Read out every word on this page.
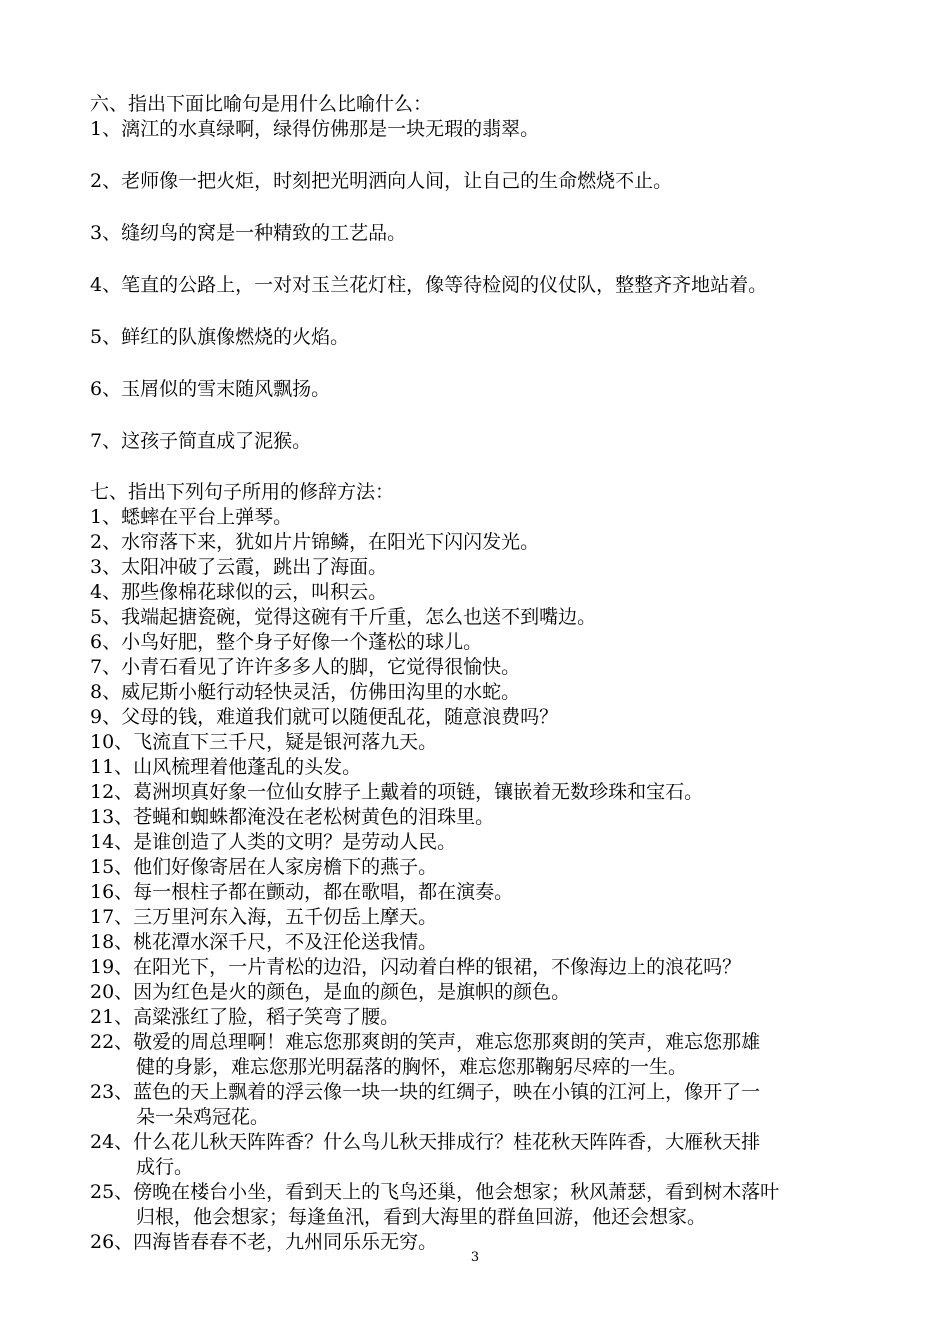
六、指出下面比喻句是用什么比喻什么：
1、漓江的水真绿啊，绿得仿佛那是一块无瑕的翡翠。
2、老师像一把火炬，时刻把光明洒向人间，让自己的生命燃烧不止。
3、缝纫鸟的窝是一种精致的工艺品。
4、笔直的公路上，一对对玉兰花灯柱，像等待检阅的仪仗队，整整齐齐地站着。
5、鲜红的队旗像燃烧的火焰。
6、玉屑似的雪末随风飘扬。
7、这孩子简直成了泥猴。
七、指出下列句子所用的修辞方法：
1、蟋蟀在平台上弹琴。
2、水帘落下来，犹如片片锦鳞，在阳光下闪闪发光。
3、太阳冲破了云霞，跳出了海面。
4、那些像棉花球似的云，叫积云。
5、我端起搪瓷碗，觉得这碗有千斤重，怎么也送不到嘴边。
6、小鸟好肥，整个身子好像一个蓬松的球儿。
7、小青石看见了许许多多人的脚，它觉得很愉快。
8、威尼斯小艇行动轻快灵活，仿佛田沟里的水蛇。
9、父母的钱，难道我们就可以随便乱花，随意浪费吗？
10、飞流直下三千尺，疑是银河落九天。
11、山风梳理着他蓬乱的头发。
12、葛洲坝真好象一位仙女脖子上戴着的项链，镶嵌着无数珍珠和宝石。
13、苍蝇和蜘蛛都淹没在老松树黄色的泪珠里。
14、是谁创造了人类的文明？是劳动人民。
15、他们好像寄居在人家房檐下的燕子。
16、每一根柱子都在颤动，都在歌唱，都在演奏。
17、三万里河东入海，五千仞岳上摩天。
18、桃花潭水深千尺，不及汪伦送我情。
19、在阳光下，一片青松的边沿，闪动着白桦的银裙，不像海边上的浪花吗？
20、因为红色是火的颜色，是血的颜色，是旗帜的颜色。
21、高粱涨红了脸，稻子笑弯了腰。
22、敬爱的周总理啊！难忘您那爽朗的笑声，难忘您那爽朗的笑声，难忘您那雄
健的身影，难忘您那光明磊落的胸怀，难忘您那鞠躬尽瘁的一生。
23、蓝色的天上飘着的浮云像一块一块的红绸子，映在小镇的江河上，像开了一
朵一朵鸡冠花。
24、什么花儿秋天阵阵香？什么鸟儿秋天排成行？桂花秋天阵阵香，大雁秋天排
成行。
25、傍晚在楼台小坐，看到天上的飞鸟还巢，他会想家；秋风萧瑟，看到树木落叶
归根，他会想家；每逢鱼汛，看到大海里的群鱼回游，他还会想家。
26、四海皆春春不老，九州同乐乐无穷。
3
